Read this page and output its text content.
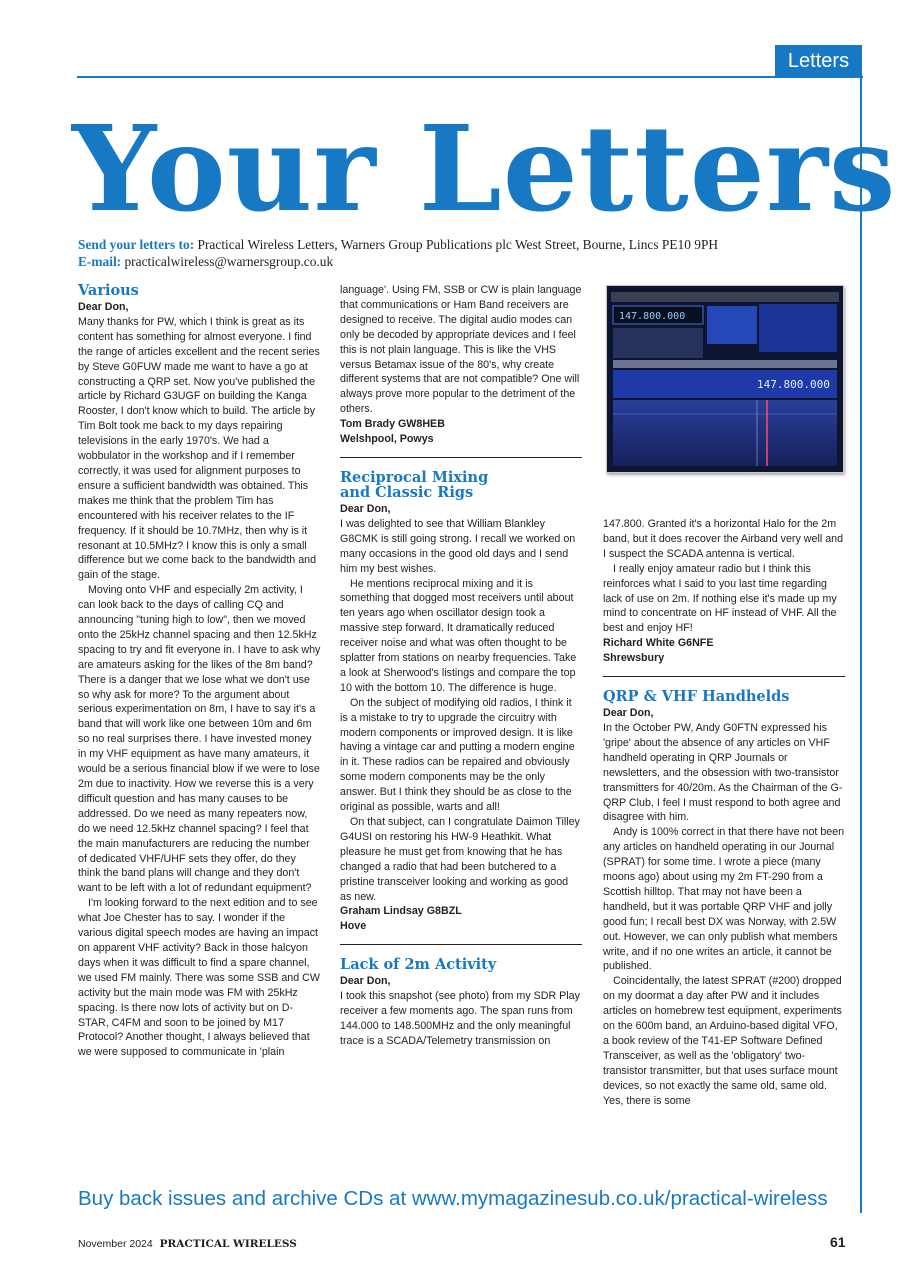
Letters
Your Letters
Send your letters to: Practical Wireless Letters, Warners Group Publications plc West Street, Bourne, Lincs PE10 9PH
E-mail: practicalwireless@warnersgroup.co.uk
Various

Dear Don,

Many thanks for PW, which I think is great as its content has something for almost everyone. I find the range of articles excellent and the recent series by Steve G0FUW made me want to have a go at constructing a QRP set. Now you've published the article by Richard G3UGF on building the Kanga Rooster, I don't know which to build. The article by Tim Bolt took me back to my days repairing televisions in the early 1970's. We had a wobbulator in the workshop and if I remember correctly, it was used for alignment purposes to ensure a sufficient bandwidth was obtained. This makes me think that the problem Tim has encountered with his receiver relates to the IF frequency. If it should be 10.7MHz, then why is it resonant at 10.5MHz? I know this is only a small difference but we come back to the bandwidth and gain of the stage.

Moving onto VHF and especially 2m activity, I can look back to the days of calling CQ and announcing "tuning high to low", then we moved onto the 25kHz channel spacing and then 12.5kHz spacing to try and fit everyone in. I have to ask why are amateurs asking for the likes of the 8m band? There is a danger that we lose what we don't use so why ask for more? To the argument about serious experimentation on 8m, I have to say it's a band that will work like one between 10m and 6m so no real surprises there. I have invested money in my VHF equipment as have many amateurs, it would be a serious financial blow if we were to lose 2m due to inactivity. How we reverse this is a very difficult question and has many causes to be addressed. Do we need as many repeaters now, do we need 12.5kHz channel spacing? I feel that the main manufacturers are reducing the number of dedicated VHF/UHF sets they offer, do they think the band plans will change and they don't want to be left with a lot of redundant equipment?

I'm looking forward to the next edition and to see what Joe Chester has to say. I wonder if the various digital speech modes are having an impact on apparent VHF activity? Back in those halcyon days when it was difficult to find a spare channel, we used FM mainly. There was some SSB and CW activity but the main mode was FM with 25kHz spacing. Is there now lots of activity but on D-STAR, C4FM and soon to be joined by M17 Protocol? Another thought, I always believed that we were supposed to communicate in 'plain

language'. Using FM, SSB or CW is plain language that communications or Ham Band receivers are designed to receive. The digital audio modes can only be decoded by appropriate devices and I feel this is not plain language. This is like the VHS versus Betamax issue of the 80's, why create different systems that are not compatible? One will always prove more popular to the detriment of the others.

Tom Brady GW8HEB

Welshpool, Powys

Reciprocal Mixing
and Classic Rigs

Dear Don,

I was delighted to see that William Blankley G8CMK is still going strong. I recall we worked on many occasions in the good old days and I send him my best wishes.

He mentions reciprocal mixing and it is something that dogged most receivers until about ten years ago when oscillator design took a massive step forward. It dramatically reduced receiver noise and what was often thought to be splatter from stations on nearby frequencies. Take a look at Sherwood's listings and compare the top 10 with the bottom 10. The difference is huge.

On the subject of modifying old radios, I think it is a mistake to try to upgrade the circuitry with modern components or improved design. It is like having a vintage car and putting a modern engine in it. These radios can be repaired and obviously some modern components may be the only answer. But I think they should be as close to the original as possible, warts and all!

On that subject, can I congratulate Daimon Tilley G4USI on restoring his HW-9 Heathkit. What pleasure he must get from knowing that he has changed a radio that had been butchered to a pristine transceiver looking and working as good as new.

Graham Lindsay G8BZL

Hove

Lack of 2m Activity

Dear Don,

I took this snapshot (see photo) from my SDR Play receiver a few moments ago. The span runs from 144.000 to 148.500MHz and the only meaningful trace is a SCADA/Telemetry transmission on

147.800.000
147.800.000

147.800. Granted it's a horizontal Halo for the 2m band, but it does recover the Airband very well and I suspect the SCADA antenna is vertical.

I really enjoy amateur radio but I think this reinforces what I said to you last time regarding lack of use on 2m. If nothing else it's made up my mind to concentrate on HF instead of VHF. All the best and enjoy HF!

Richard White G6NFE

Shrewsbury

QRP & VHF Handhelds

Dear Don,

In the October PW, Andy G0FTN expressed his 'gripe' about the absence of any articles on VHF handheld operating in QRP Journals or newsletters, and the obsession with two-transistor transmitters for 40/20m. As the Chairman of the G-QRP Club, I feel I must respond to both agree and disagree with him.

Andy is 100% correct in that there have not been any articles on handheld operating in our Journal (SPRAT) for some time. I wrote a piece (many moons ago) about using my 2m FT-290 from a Scottish hilltop. That may not have been a handheld, but it was portable QRP VHF and jolly good fun; I recall best DX was Norway, with 2.5W out. However, we can only publish what members write, and if no one writes an article, it cannot be published.

Coincidentally, the latest SPRAT (#200) dropped on my doormat a day after PW and it includes articles on homebrew test equipment, experiments on the 600m band, an Arduino-based digital VFO, a book review of the T41-EP Software Defined Transceiver, as well as the 'obligatory' two-transistor transmitter, but that uses surface mount devices, so not exactly the same old, same old. Yes, there is some

Buy back issues and archive CDs at www.mymagazinesub.co.uk/practical-wireless
November 2024 PRACTICAL WIRELESS	61
